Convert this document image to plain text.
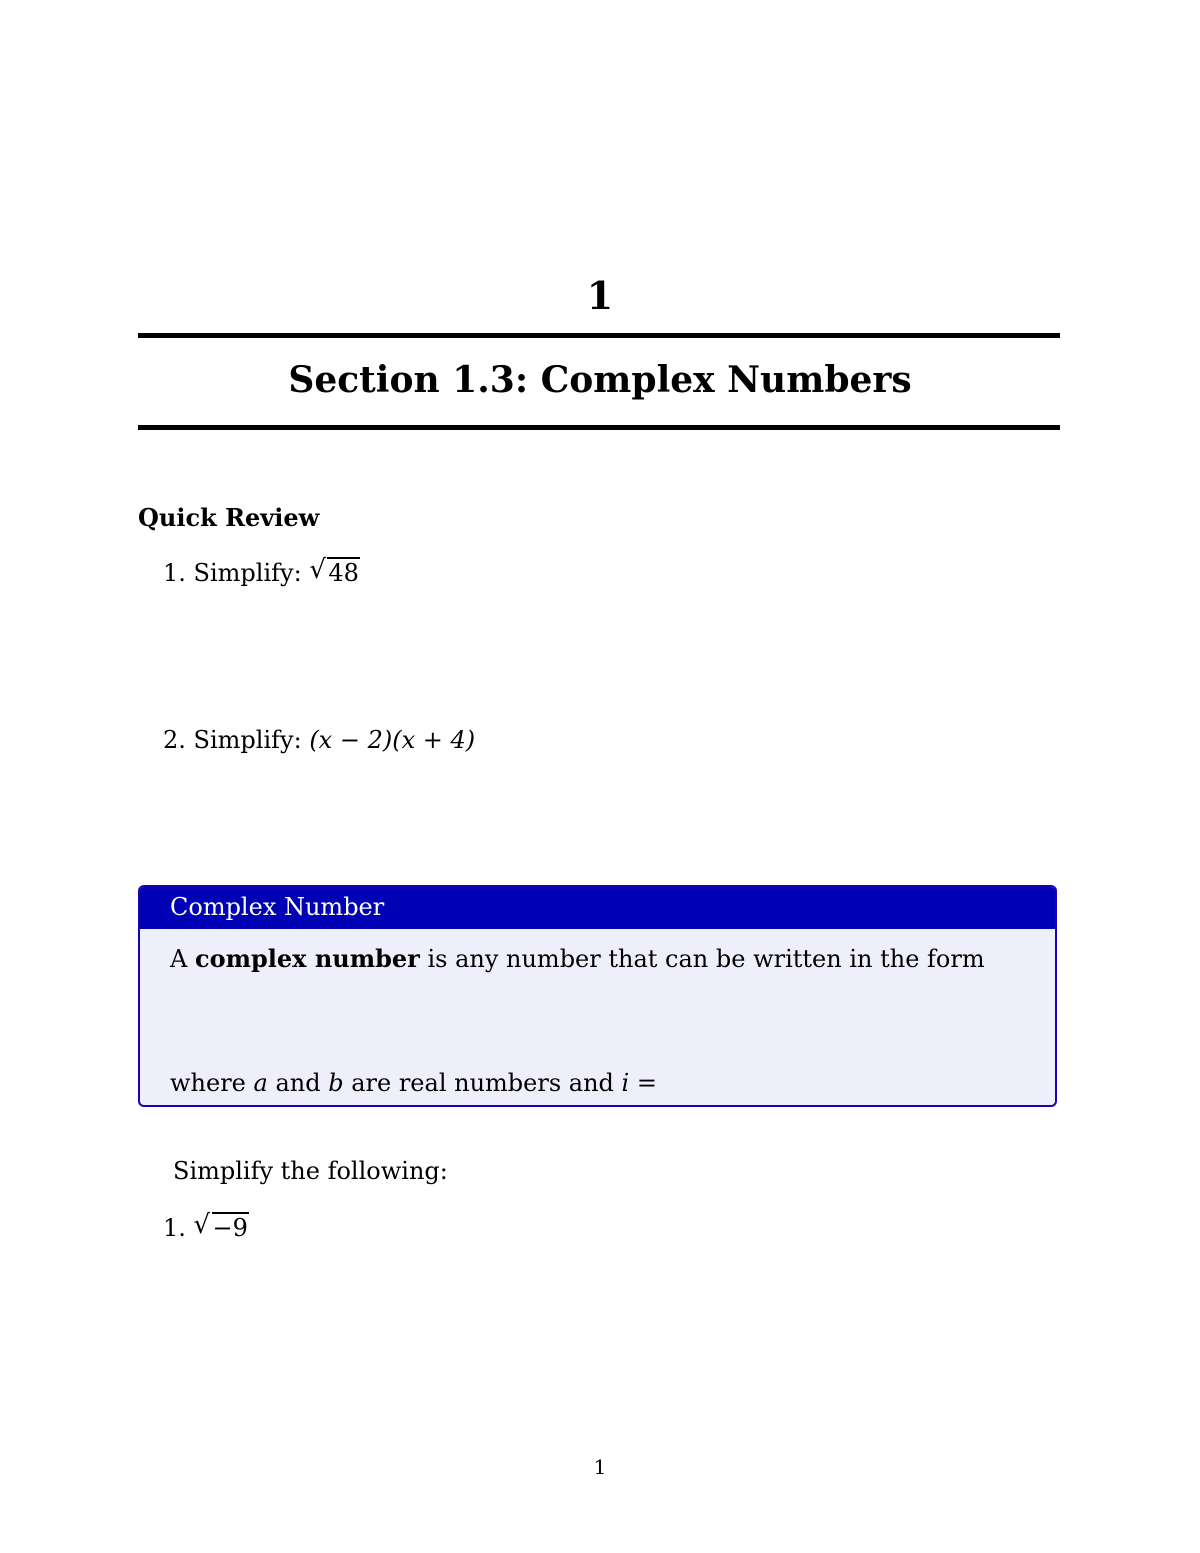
1
Section 1.3: Complex Numbers
Quick Review
1. Simplify: √ 48
2. Simplify: (x − 2)(x + 4)
Complex Number
A complex number is any number that can be written in the form
where a and b are real numbers and i =
Simplify the following:
1. √ −9
1
